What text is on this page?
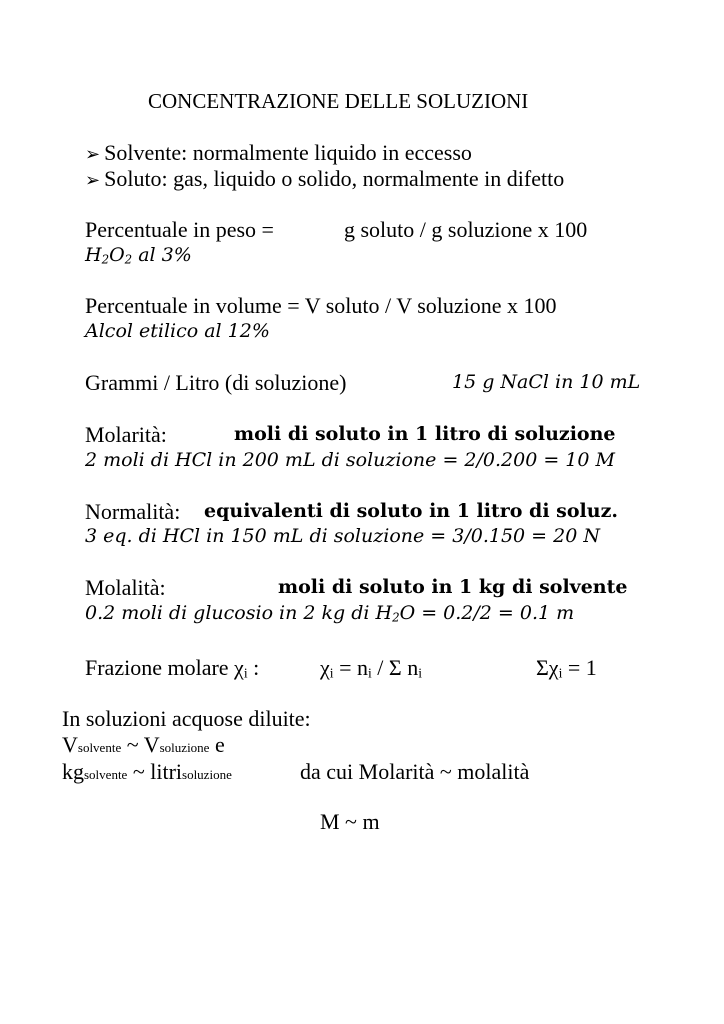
CONCENTRAZIONE DELLE SOLUZIONI
➢ Solvente: normalmente liquido in eccesso
➢ Soluto: gas, liquido o solido, normalmente in difetto
Percentuale in peso =	g soluto / g soluzione x 100
$H_2O_2$ al 3%
Percentuale in volume = V soluto / V soluzione x 100
Alcol etilico al 12%
Grammi / Litro (di soluzione)	15 g NaCl in 10 mL
Molarità:	moli di soluto in 1 litro di soluzione
2 moli di HCl in 200 mL di soluzione = 2/0.200 = 10 M
Normalità: equivalenti di soluto in 1 litro di soluz.
3 eq. di HCl in 150 mL di soluzione = 3/0.150 = 20 N
Molalità:	moli di soluto in 1 kg di solvente
0.2 moli di glucosio in 2 kg di $H_2O = 0.2/2 = 0.1$ m
Frazione molare $\chi_i$ :	$\chi_i = n_i / \Sigma$ $n_i$	$\Sigma\chi_i = 1$
In soluzioni acquose diluite:
Vsolvente ~ Vsoluzione e
kgsolvente ~ litrisoluzione	da cui Molarità ~ molalità
M ~ m
